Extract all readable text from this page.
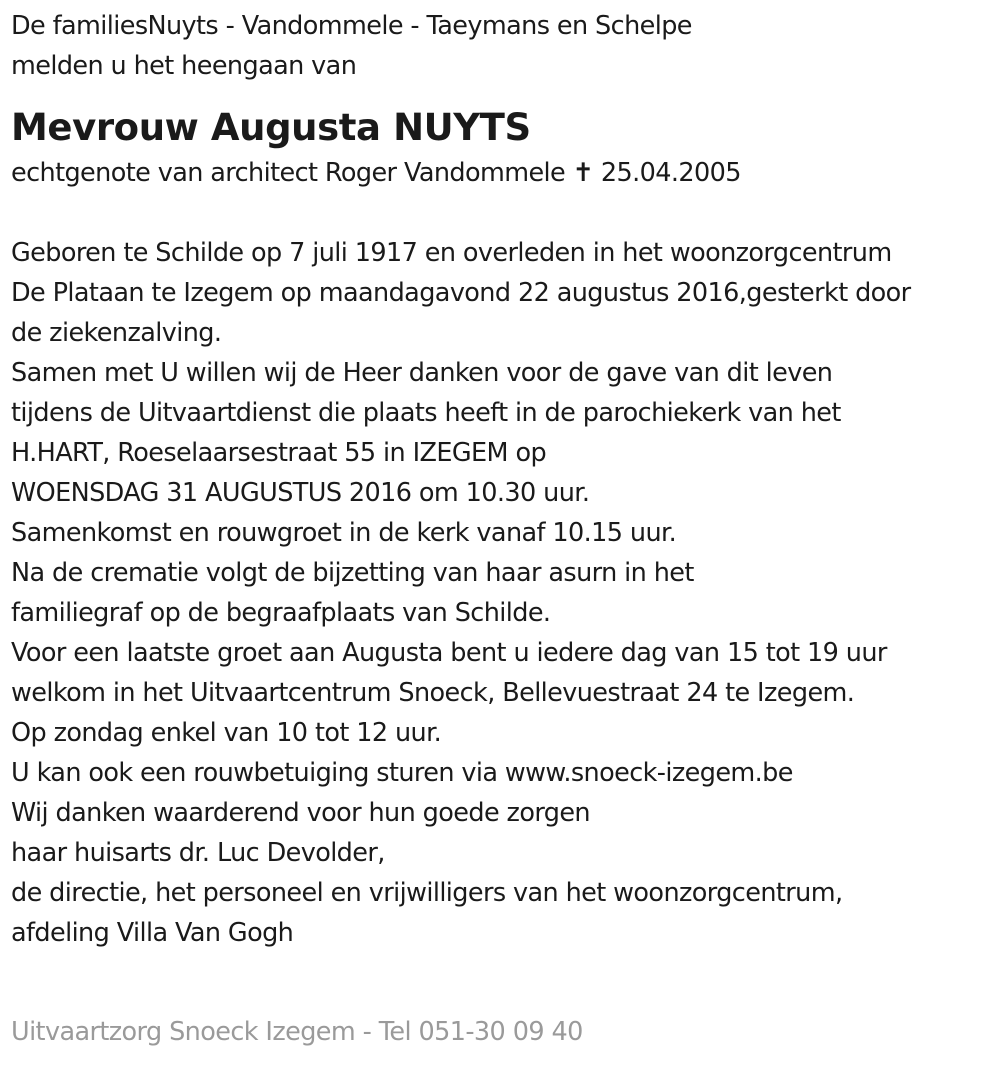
De familiesNuyts - Vandommele - Taeymans en Schelpe
melden u het heengaan van
Mevrouw Augusta NUYTS
echtgenote van architect Roger Vandommele ✝ 25.04.2005
Geboren te Schilde op 7 juli 1917 en overleden in het woonzorgcentrum
De Plataan te Izegem op maandagavond 22 augustus 2016,gesterkt door
de ziekenzalving.
Samen met U willen wij de Heer danken voor de gave van dit leven
tijdens de Uitvaartdienst die plaats heeft in de parochiekerk van het
H.HART, Roeselaarsestraat 55 in IZEGEM op
WOENSDAG 31 AUGUSTUS 2016 om 10.30 uur.
Samenkomst en rouwgroet in de kerk vanaf 10.15 uur.
Na de crematie volgt de bijzetting van haar asurn in het
familiegraf op de begraafplaats van Schilde.
Voor een laatste groet aan Augusta bent u iedere dag van 15 tot 19 uur
welkom in het Uitvaartcentrum Snoeck, Bellevuestraat 24 te Izegem.
Op zondag enkel van 10 tot 12 uur.
U kan ook een rouwbetuiging sturen via www.snoeck-izegem.be
Wij danken waarderend voor hun goede zorgen
haar huisarts dr. Luc Devolder,
de directie, het personeel en vrijwilligers van het woonzorgcentrum,
afdeling Villa Van Gogh
Uitvaartzorg Snoeck Izegem - Tel 051-30 09 40
